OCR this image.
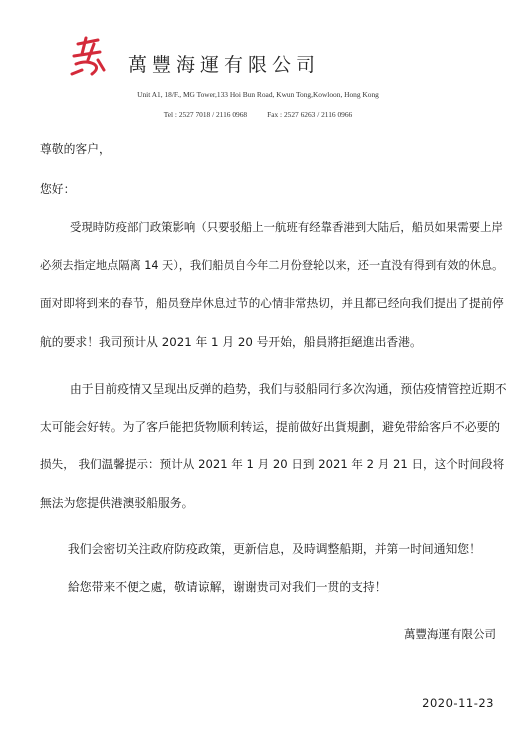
萬豐海運有限公司
Unit A1, 18/F., MG Tower,133 Hoi Bun Road, Kwun Tong,Kowloon, Hong Kong
Tel : 2527 7018 / 2116 0968	Fax : 2527 6263 / 2116 0966
尊敬的客户，
您好：
受現時防疫部门政策影响（只要驳船上一航班有经靠香港到大陆后，船员如果需要上岸
必须去指定地点隔离 14 天），我们船员自今年二月份登轮以来，还一直没有得到有效的休息。
面对即将到来的春节，船员登岸休息过节的心情非常热切，并且都已经向我们提出了提前停
航的要求！我司预计从 2021 年 1 月 20 号开始，船員將拒絕進出香港。
由于目前疫情又呈现出反弹的趋势，我们与驳船同行多次沟通，预估疫情管控近期不
太可能会好转。为了客戶能把货物顺利转运，提前做好出貨規劃，避免带給客戶不必要的
损失， 我们温馨提示：预计从 2021 年 1 月 20 日到 2021 年 2 月 21 日，这个时间段将
無法为您提供港澳驳船服务。
我们会密切关注政府防疫政策，更新信息，及時调整船期，并第一时间通知您！
給您带来不便之處，敬请谅解，谢谢贵司对我们一贯的支持！
萬豐海運有限公司
2020-11-23
